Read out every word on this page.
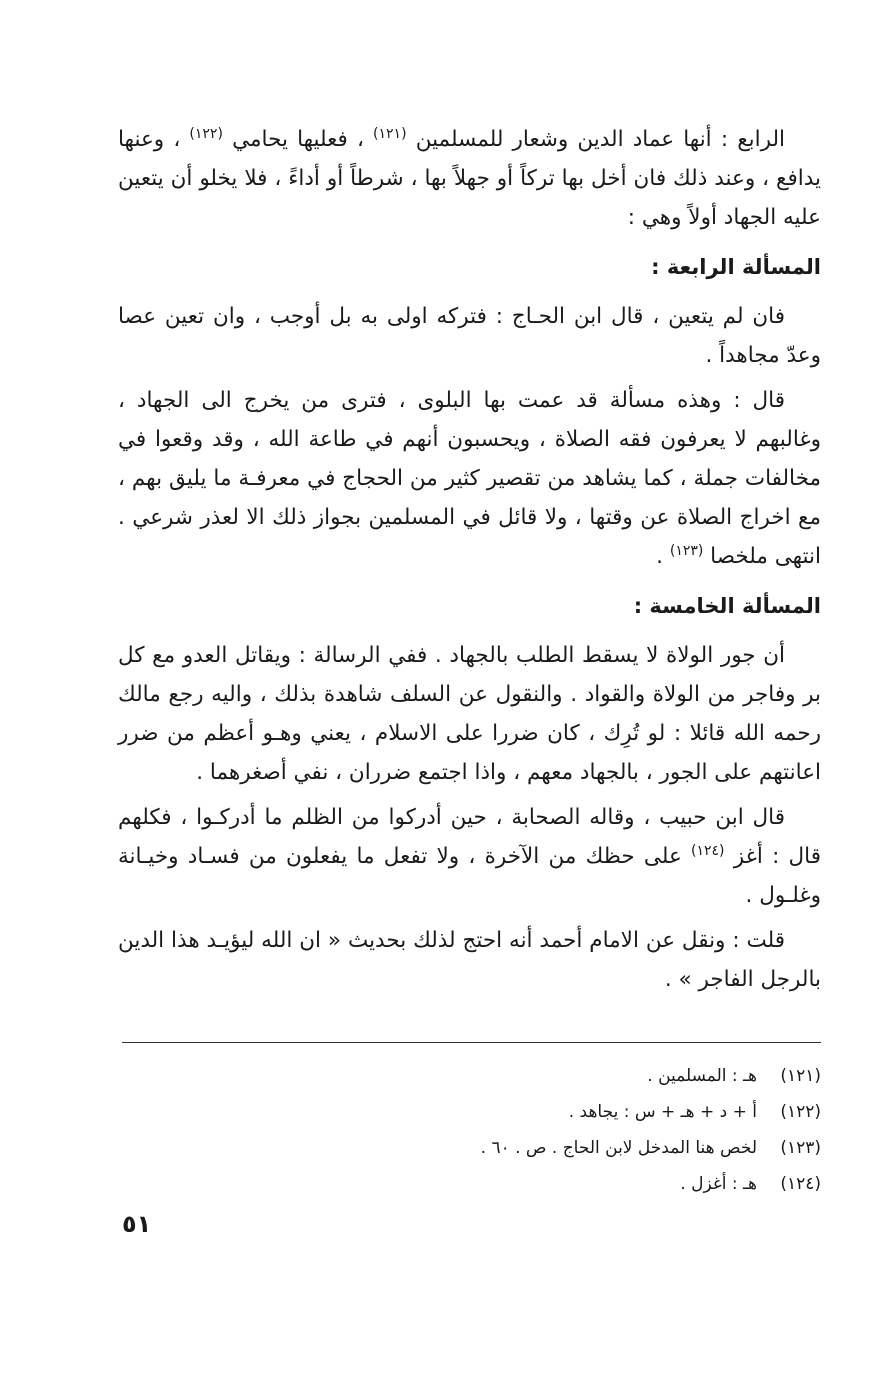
الرابع : أنها عماد الدين وشعار للمسلمين $^{(١٢١)}$ ، فعليها يحامي $^{(١٢٢)}$ ، وعنها يدافع ، وعند ذلك فان أخل بها تركاً أو جهلاً بها ، شرطاً أو أداءً ، فلا يخلو أن يتعين عليه الجهاد أولاً وهي :

المسألة الرابعة :

فان لم يتعين ، قال ابن الحـاج : فتركه اولى به بل أوجب ، وان تعين عصا وعدّ مجاهداً .

قال : وهذه مسألة قد عمت بها البلوى ، فترى من يخرج الى الجهاد ، وغالبهم لا يعرفون فقه الصلاة ، ويحسبون أنهم في طاعة الله ، وقد وقعوا في مخالفات جملة ، كما يشاهد من تقصير كثير من الحجاج في معرفـة ما يليق بهم ، مع اخراج الصلاة عن وقتها ، ولا قائل في المسلمين بجواز ذلك الا لعذر شرعي . انتهى ملخصا $^{(١٢٣)}$ .

المسألة الخامسة :

أن جور الولاة لا يسقط الطلب بالجهاد . ففي الرسالة : ويقاتل العدو مع كل بر وفاجر من الولاة والقواد . والنقول عن السلف شاهدة بذلك ، واليه رجع مالك رحمه الله قائلا : لو تُرِك ، كان ضررا على الاسلام ، يعني وهـو أعظم من ضرر اعانتهم على الجور ، بالجهاد معهم ، واذا اجتمع ضرران ، نفي أصغرهما .

قال ابن حبيب ، وقاله الصحابة ، حين أدركوا من الظلم ما أدركـوا ، فكلهم قال : أغز $^{(١٢٤)}$ على حظك من الآخرة ، ولا تفعل ما يفعلون من فسـاد وخيـانة وغلـول .

قلت : ونقل عن الامام أحمد أنه احتج لذلك بحديث « ان الله ليؤيـد هذا الدين بالرجل الفاجر » .

(١٢١)
هـ : المسلمين .
(١٢٢)
أ + د + هـ + س : يجاهد .
(١٢٣)
لخص هنا المدخل لابن الحاج . ص . ٦٠ .
(١٢٤)
هـ : أغزل .
٥١
